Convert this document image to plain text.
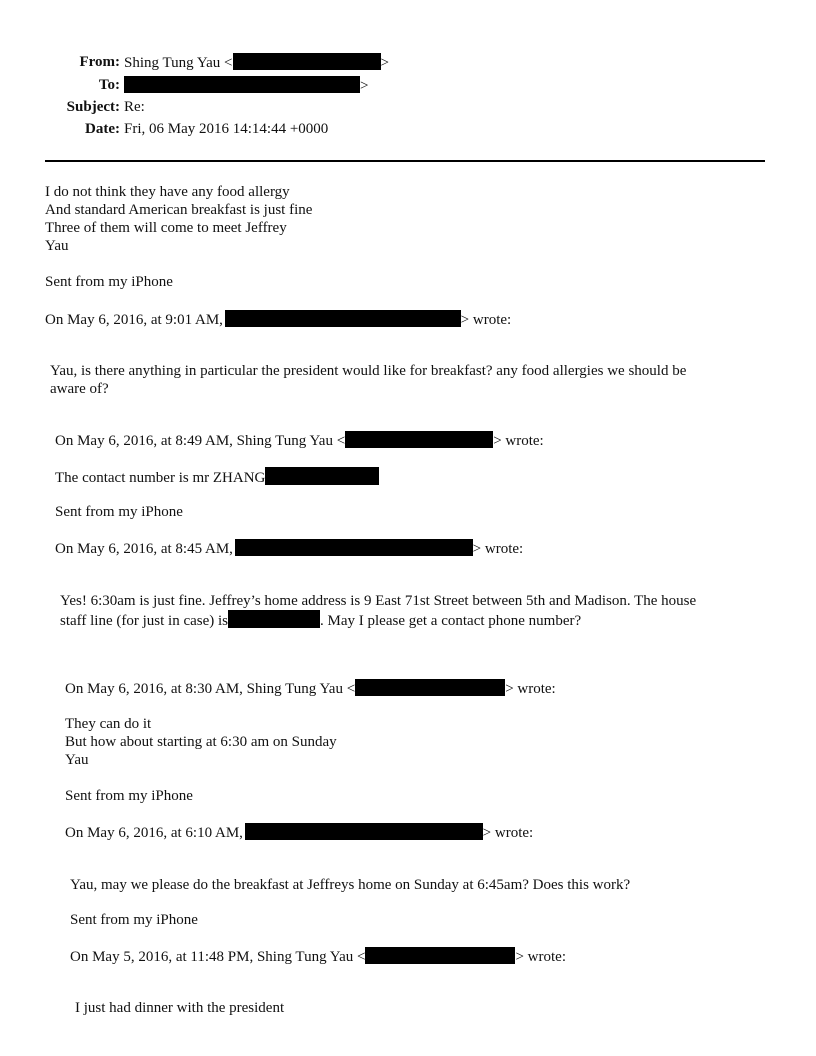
From: Shing Tung Yau <	>
To:	>
Subject: Re:
Date: Fri, 06 May 2016 14:14:44 +0000
I do not think they have any food allergy
And standard American breakfast is just fine
Three of them will come to meet Jeffrey
Yau
Sent from my iPhone
On May 6, 2016, at 9:01 AM,	> wrote:
Yau, is there anything in particular the president would like for breakfast? any food allergies we should be
aware of?
On May 6, 2016, at 8:49 AM, Shing Tung Yau <	> wrote:
The contact number is mr ZHANG
Sent from my iPhone
On May 6, 2016, at 8:45 AM,	> wrote:
Yes! 6:30am is just fine. Jeffrey’s home address is 9 East 71st Street between 5th and Madison. The house
staff line (for just in case) is	. May I please get a contact phone number?
On May 6, 2016, at 8:30 AM, Shing Tung Yau <	> wrote:
They can do it
But how about starting at 6:30 am on Sunday
Yau
Sent from my iPhone
On May 6, 2016, at 6:10 AM,	> wrote:
Yau, may we please do the breakfast at Jeffreys home on Sunday at 6:45am? Does this work?
Sent from my iPhone
On May 5, 2016, at 11:48 PM, Shing Tung Yau <	> wrote:
I just had dinner with the president
